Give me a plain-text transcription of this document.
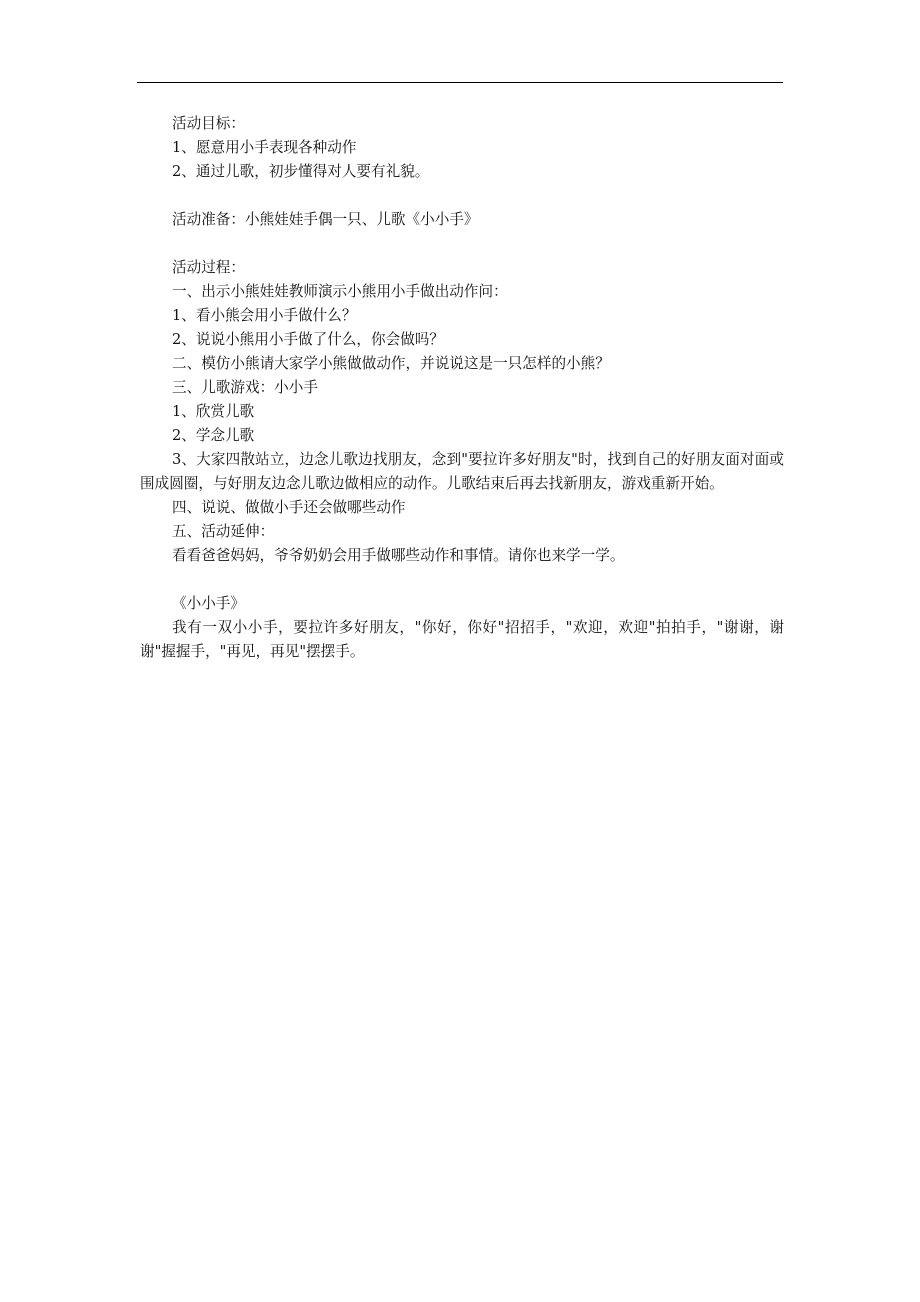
活动目标：

1、愿意用小手表现各种动作

2、通过儿歌，初步懂得对人要有礼貌。

活动准备：小熊娃娃手偶一只、儿歌《小小手》

活动过程：

一、出示小熊娃娃教师演示小熊用小手做出动作问：

1、看小熊会用小手做什么？

2、说说小熊用小手做了什么，你会做吗？

二、模仿小熊请大家学小熊做做动作，并说说这是一只怎样的小熊？

三、儿歌游戏：小小手

1、欣赏儿歌

2、学念儿歌

3、大家四散站立，边念儿歌边找朋友，念到"要拉许多好朋友"时，找到自己的好朋友面对面或围成圆圈，与好朋友边念儿歌边做相应的动作。儿歌结束后再去找新朋友，游戏重新开始。

四、说说、做做小手还会做哪些动作

五、活动延伸：

看看爸爸妈妈，爷爷奶奶会用手做哪些动作和事情。请你也来学一学。

《小小手》

我有一双小小手，要拉许多好朋友，"你好，你好"招招手，"欢迎，欢迎"拍拍手，"谢谢，谢谢"握握手，"再见，再见"摆摆手。
